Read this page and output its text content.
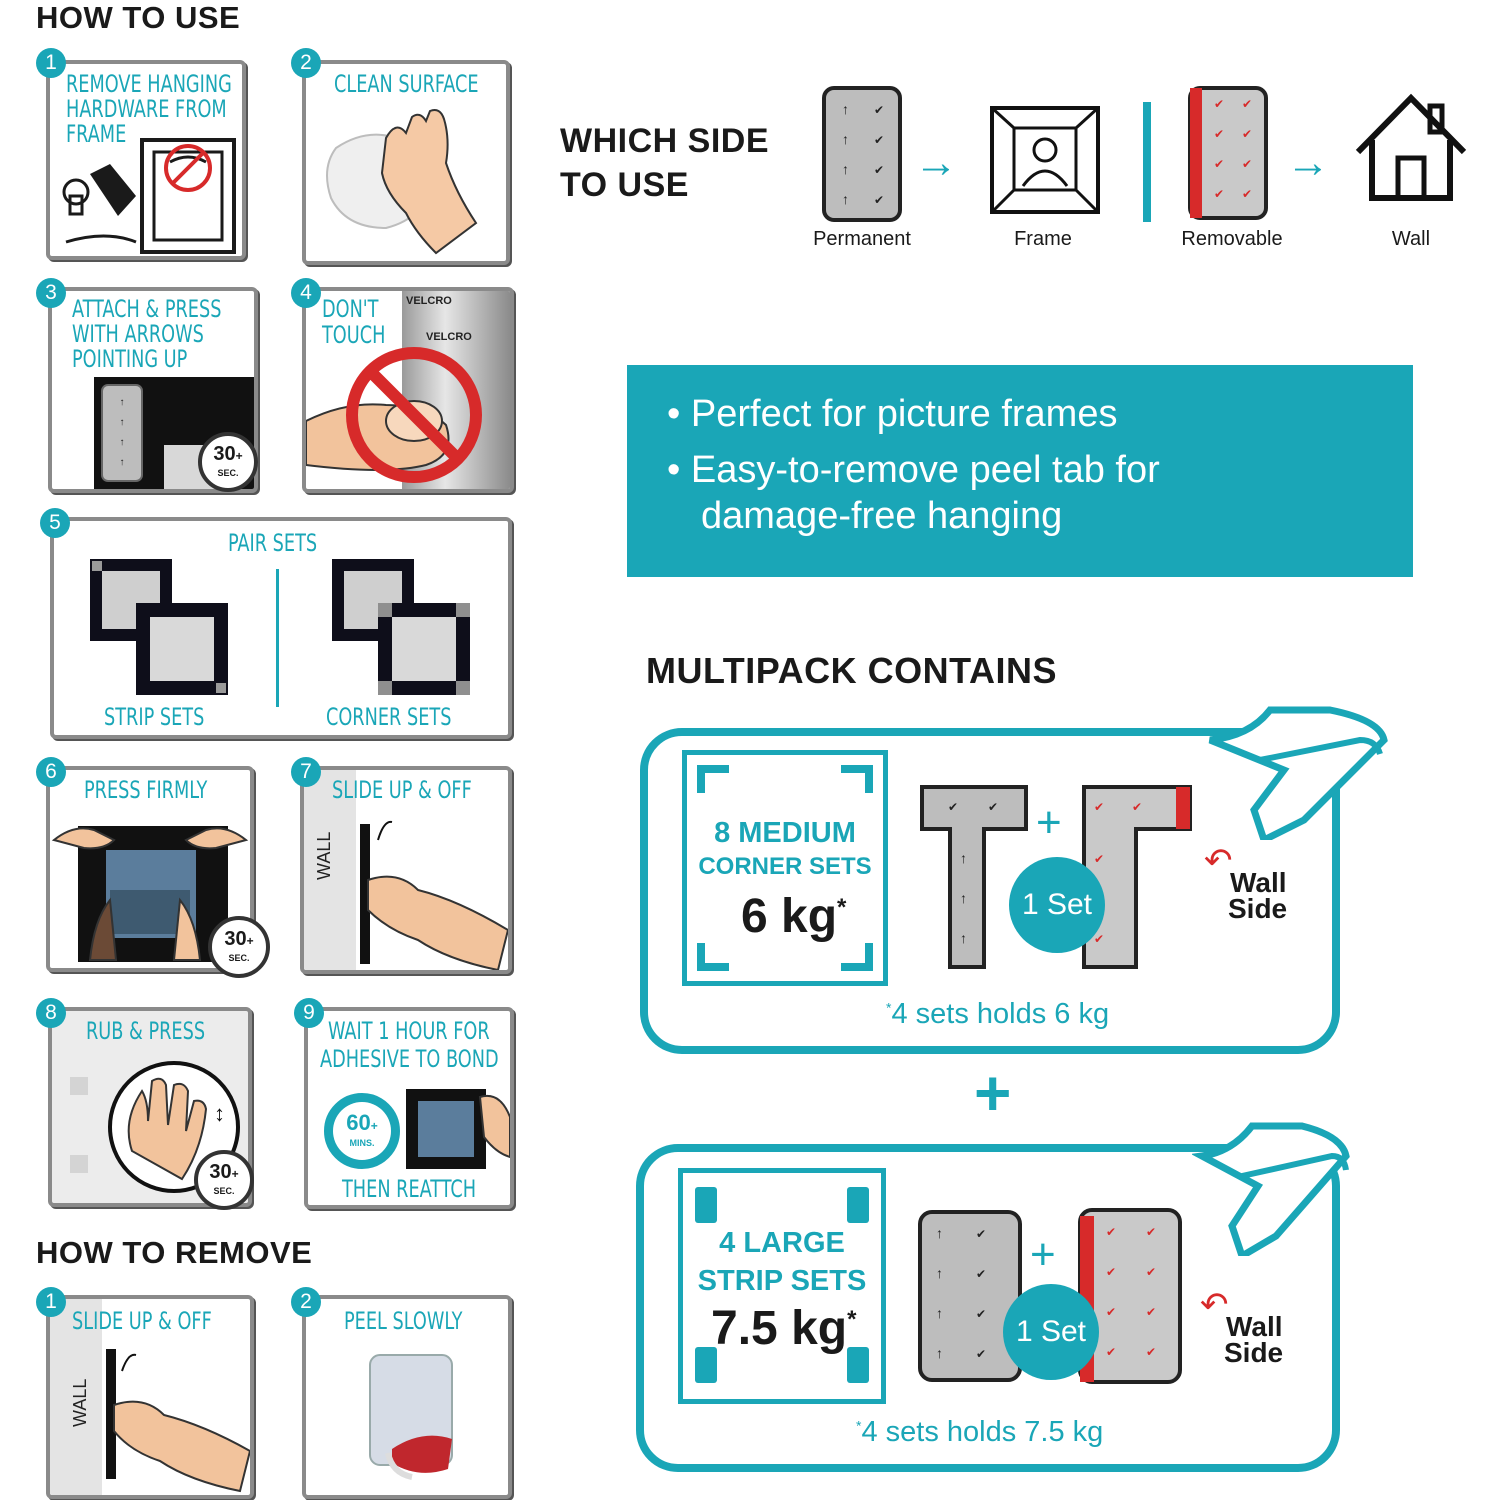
HOW TO USE
1
REMOVE HANGING
HARDWARE FROM
FRAME
2
CLEAN SURFACE
3
ATTACH & PRESS
WITH ARROWS
POINTING UP
↑
↑
↑
↑	30+
SEC.
4	VELCRO
VELCRO
DON'T
TOUCH
5
PAIR SETS
STRIP SETS	CORNER SETS
6
PRESS FIRMLY
30+
SEC.
7
WALL
SLIDE UP & OFF
8
RUB & PRESS
↕
30+
SEC.
9
WAIT 1 HOUR FOR
ADHESIVE TO BOND
60+
MINS.
THEN REATTCH
HOW TO REMOVE
1
WALL
SLIDE UP & OFF
2
PEEL SLOWLY
WHICH SIDE
TO USE
↑ ✔
↑ ✔
↑ ✔
↑ ✔
→
✔ ✔
✔ ✔
✔ ✔
✔ ✔
→
Permanent	Frame	Removable	Wall
• Perfect for picture frames
• Easy-to-remove peel tab for
damage-free hanging
MULTIPACK CONTAINS
8 MEDIUM
CORNER SETS
6 kg*
✔ ✔
↑
↑
↑
+	✔ ✔
✔
✔
1 Set
↶
Wall
Side
*4 sets holds 6 kg
+
4 LARGE
STRIP SETS
7.5 kg*
↑	✔
↑	✔
↑	✔
↑	✔
+	✔ ✔
✔ ✔
✔ ✔
✔ ✔
1 Set
↶
Wall
Side
*4 sets holds 7.5 kg
